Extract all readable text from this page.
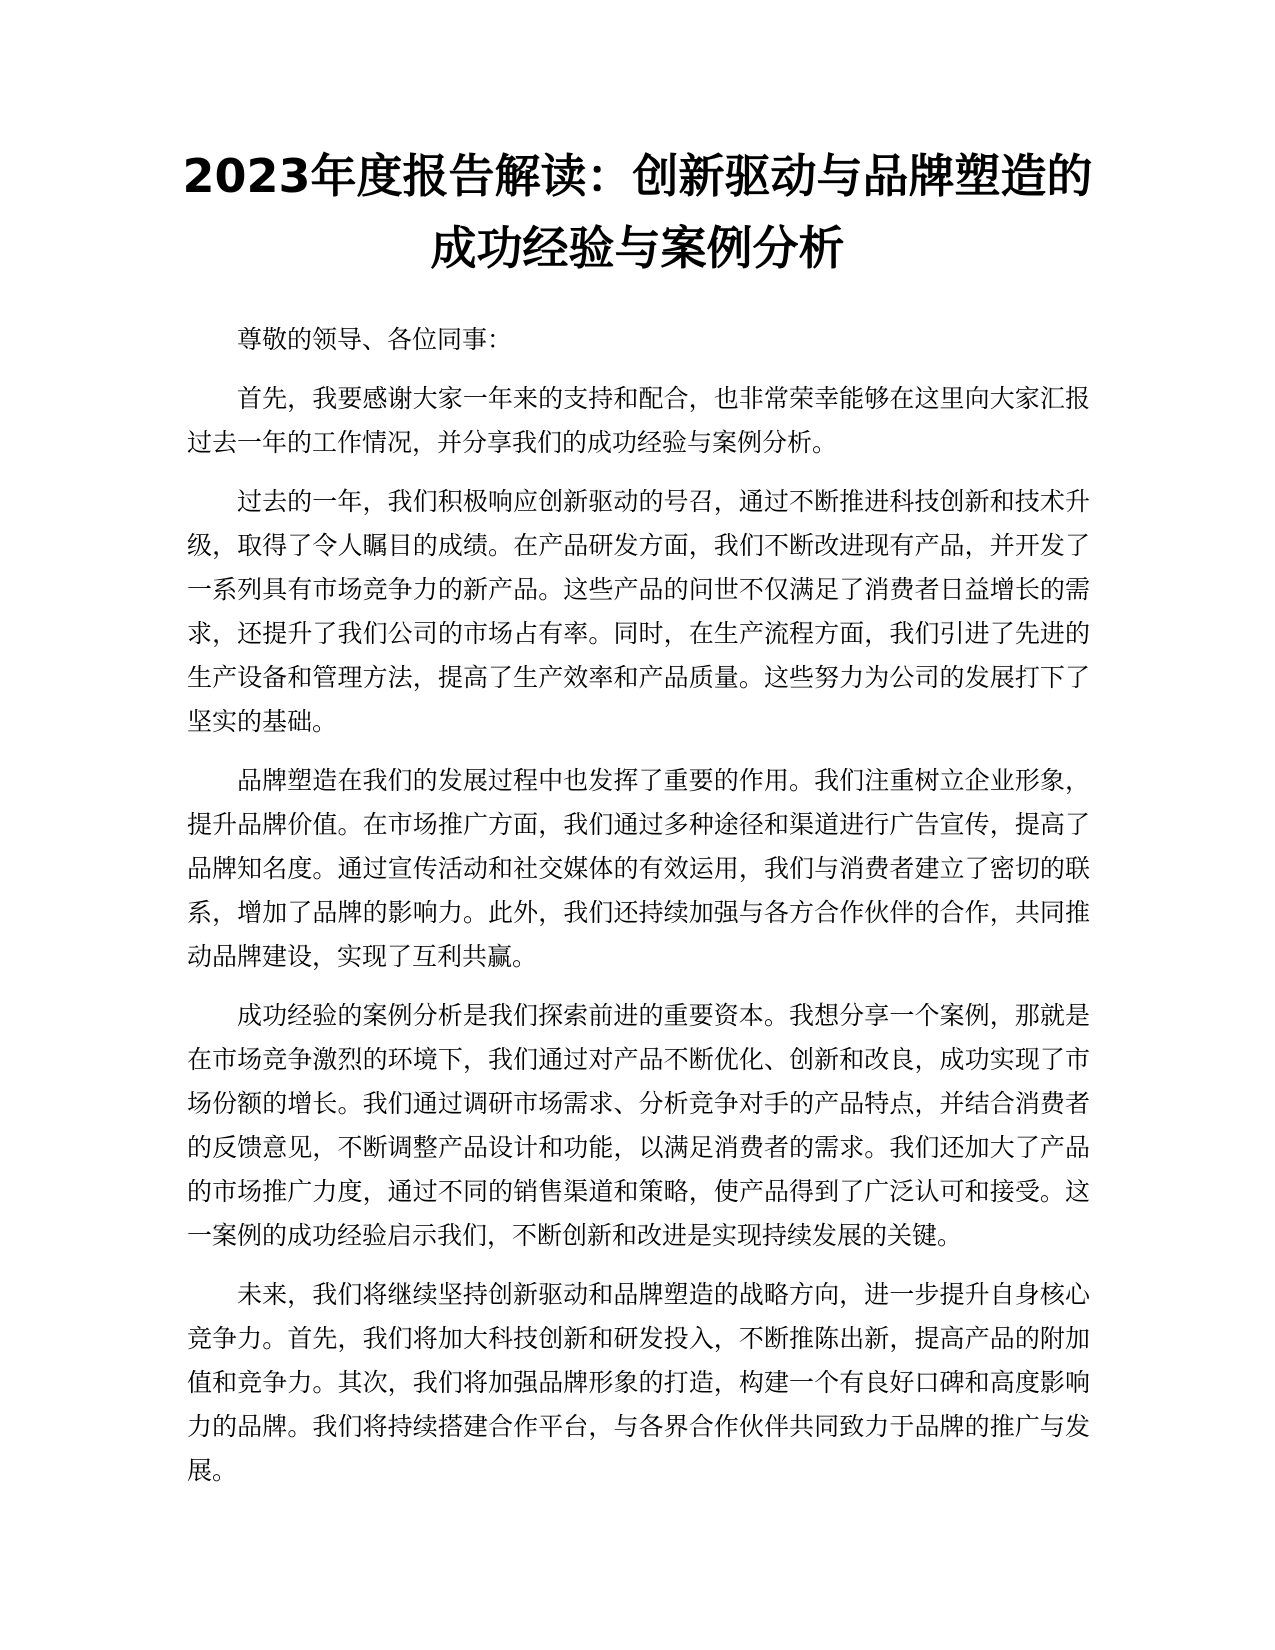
2023年度报告解读：创新驱动与品牌塑造的
成功经验与案例分析

尊敬的领导、各位同事：

首先，我要感谢大家一年来的支持和配合，也非常荣幸能够在这里向大家汇报过去一年的工作情况，并分享我们的成功经验与案例分析。

过去的一年，我们积极响应创新驱动的号召，通过不断推进科技创新和技术升级，取得了令人瞩目的成绩。在产品研发方面，我们不断改进现有产品，并开发了一系列具有市场竞争力的新产品。这些产品的问世不仅满足了消费者日益增长的需求，还提升了我们公司的市场占有率。同时，在生产流程方面，我们引进了先进的生产设备和管理方法，提高了生产效率和产品质量。这些努力为公司的发展打下了坚实的基础。

品牌塑造在我们的发展过程中也发挥了重要的作用。我们注重树立企业形象，提升品牌价值。在市场推广方面，我们通过多种途径和渠道进行广告宣传，提高了品牌知名度。通过宣传活动和社交媒体的有效运用，我们与消费者建立了密切的联系，增加了品牌的影响力。此外，我们还持续加强与各方合作伙伴的合作，共同推动品牌建设，实现了互利共赢。

成功经验的案例分析是我们探索前进的重要资本。我想分享一个案例，那就是在市场竞争激烈的环境下，我们通过对产品不断优化、创新和改良，成功实现了市场份额的增长。我们通过调研市场需求、分析竞争对手的产品特点，并结合消费者的反馈意见，不断调整产品设计和功能，以满足消费者的需求。我们还加大了产品的市场推广力度，通过不同的销售渠道和策略，使产品得到了广泛认可和接受。这一案例的成功经验启示我们，不断创新和改进是实现持续发展的关键。

未来，我们将继续坚持创新驱动和品牌塑造的战略方向，进一步提升自身核心竞争力。首先，我们将加大科技创新和研发投入，不断推陈出新，提高产品的附加值和竞争力。其次，我们将加强品牌形象的打造，构建一个有良好口碑和高度影响力的品牌。我们将持续搭建合作平台，与各界合作伙伴共同致力于品牌的推广与发展。
